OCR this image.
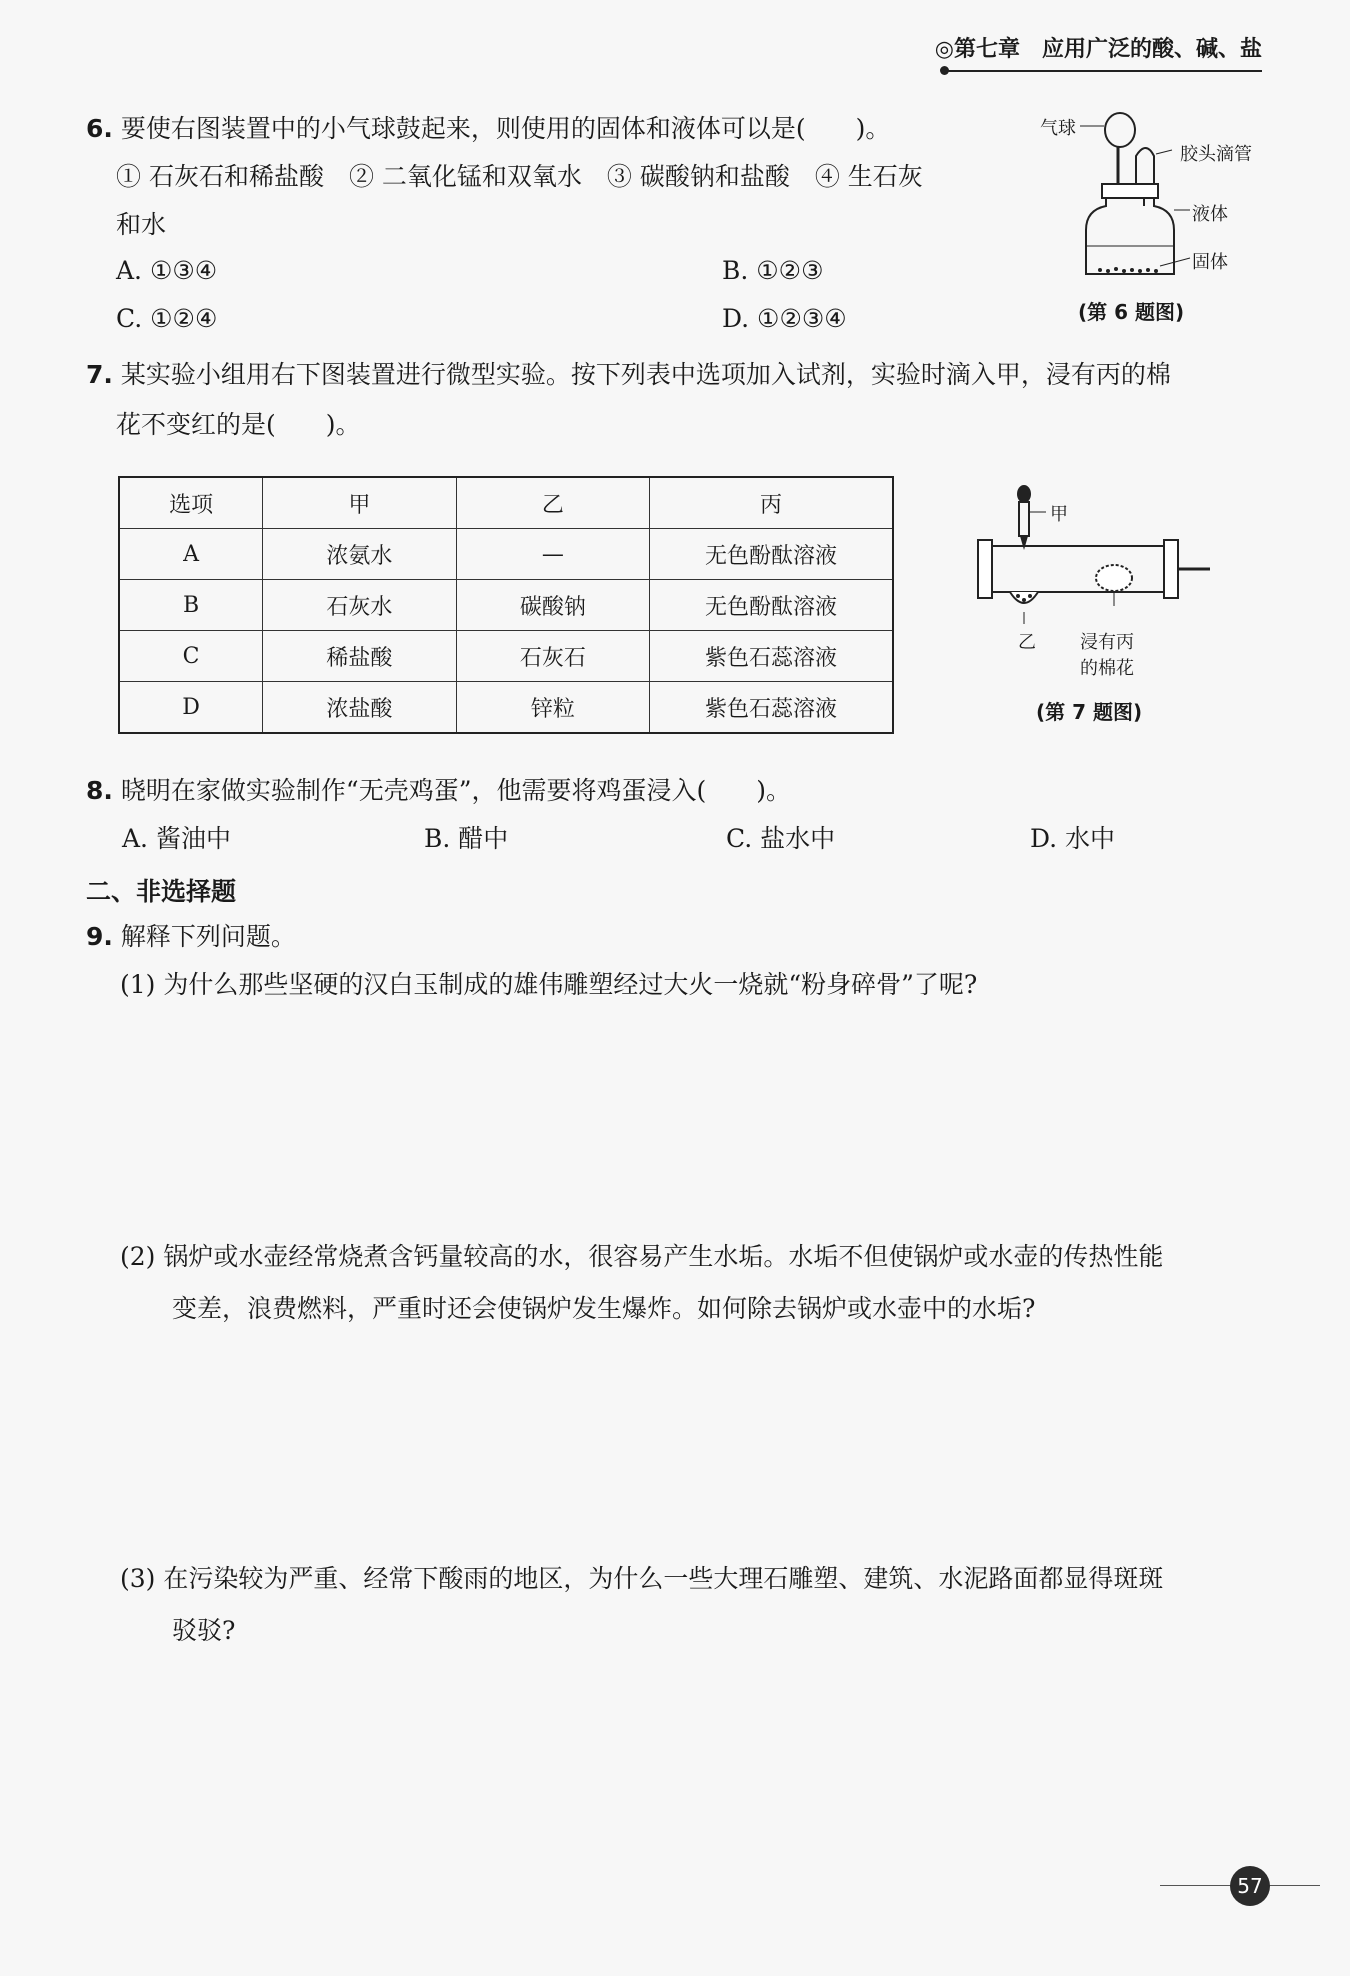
◎第七章　应用广泛的酸、碱、盐
6. 要使右图装置中的小气球鼓起来，则使用的固体和液体可以是(　　)。
① 石灰石和稀盐酸　② 二氧化锰和双氧水　③ 碳酸钠和盐酸　④ 生石灰
和水
A. ①③④	B. ①②③
C. ①②④	D. ①②③④
气球
胶头滴管
液体
固体
(第 6 题图)
7. 某实验小组用右下图装置进行微型实验。按下列表中选项加入试剂，实验时滴入甲，浸有丙的棉
花不变红的是(　　)。
选项	甲	乙	丙
A	浓氨水	—	无色酚酞溶液
B	石灰水	碳酸钠	无色酚酞溶液
C	稀盐酸	石灰石	紫色石蕊溶液
D	浓盐酸	锌粒	紫色石蕊溶液
甲
乙 浸有丙
的棉花
(第 7 题图)
8. 晓明在家做实验制作“无壳鸡蛋”，他需要将鸡蛋浸入(　　)。
A. 酱油中	B. 醋中	C. 盐水中	D. 水中
二、非选择题
9. 解释下列问题。
(1) 为什么那些坚硬的汉白玉制成的雄伟雕塑经过大火一烧就“粉身碎骨”了呢?
(2) 锅炉或水壶经常烧煮含钙量较高的水，很容易产生水垢。水垢不但使锅炉或水壶的传热性能
变差，浪费燃料，严重时还会使锅炉发生爆炸。如何除去锅炉或水壶中的水垢?
(3) 在污染较为严重、经常下酸雨的地区，为什么一些大理石雕塑、建筑、水泥路面都显得斑斑
驳驳?
57
